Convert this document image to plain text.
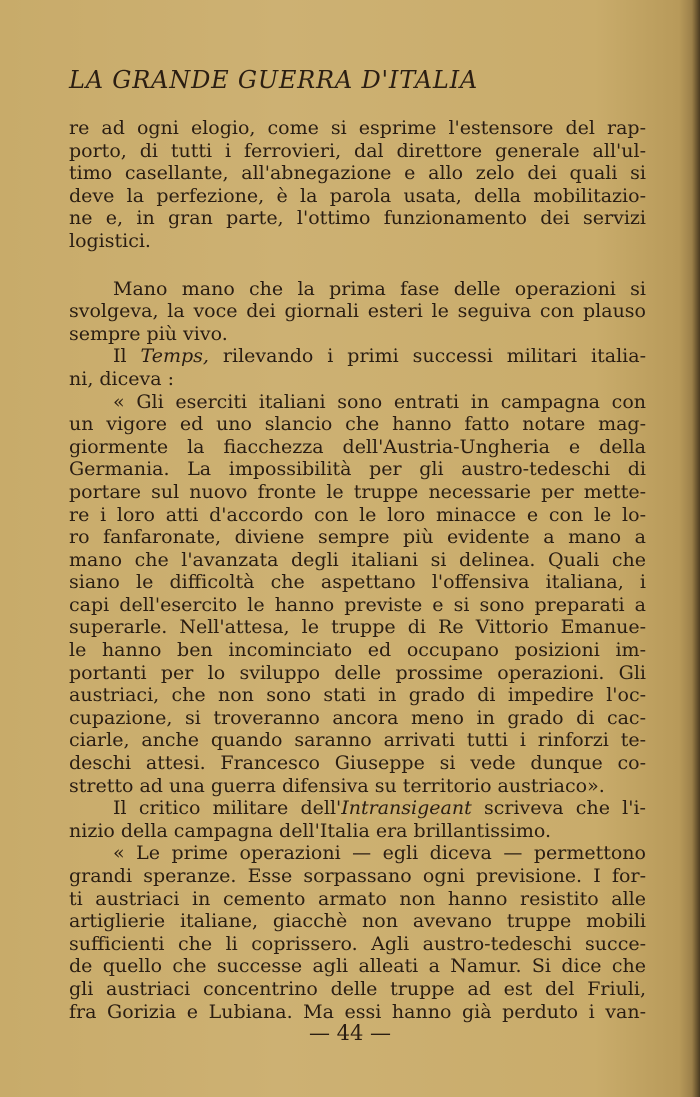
LA GRANDE GUERRA D'ITALIA
re ad ogni elogio, come si esprime l'estensore del rap-
porto, di tutti i ferrovieri, dal direttore generale all'ul-
timo casellante, all'abnegazione e allo zelo dei quali si
deve la perfezione, è la parola usata, della mobilitazio-
ne e, in gran parte, l'ottimo funzionamento dei servizi
logistici.
Mano mano che la prima fase delle operazioni si
svolgeva, la voce dei giornali esteri le seguiva con plauso
sempre più vivo.
Il Temps, rilevando i primi successi militari italia-
ni, diceva :
« Gli eserciti italiani sono entrati in campagna con
un vigore ed uno slancio che hanno fatto notare mag-
giormente la fiacchezza dell'Austria-Ungheria e della
Germania. La impossibilità per gli austro-tedeschi di
portare sul nuovo fronte le truppe necessarie per mette-
re i loro atti d'accordo con le loro minacce e con le lo-
ro fanfaronate, diviene sempre più evidente a mano a
mano che l'avanzata degli italiani si delinea. Quali che
siano le difficoltà che aspettano l'offensiva italiana, i
capi dell'esercito le hanno previste e si sono preparati a
superarle. Nell'attesa, le truppe di Re Vittorio Emanue-
le hanno ben incominciato ed occupano posizioni im-
portanti per lo sviluppo delle prossime operazioni. Gli
austriaci, che non sono stati in grado di impedire l'oc-
cupazione, si troveranno ancora meno in grado di cac-
ciarle, anche quando saranno arrivati tutti i rinforzi te-
deschi attesi. Francesco Giuseppe si vede dunque co-
stretto ad una guerra difensiva su territorio austriaco».
Il critico militare dell'Intransigeant scriveva che l'i-
nizio della campagna dell'Italia era brillantissimo.
« Le prime operazioni — egli diceva — permettono
grandi speranze. Esse sorpassano ogni previsione. I for-
ti austriaci in cemento armato non hanno resistito alle
artiglierie italiane, giacchè non avevano truppe mobili
sufficienti che li coprissero. Agli austro-tedeschi succe-
de quello che successe agli alleati a Namur. Si dice che
gli austriaci concentrino delle truppe ad est del Friuli,
fra Gorizia e Lubiana. Ma essi hanno già perduto i van-
— 44 —
